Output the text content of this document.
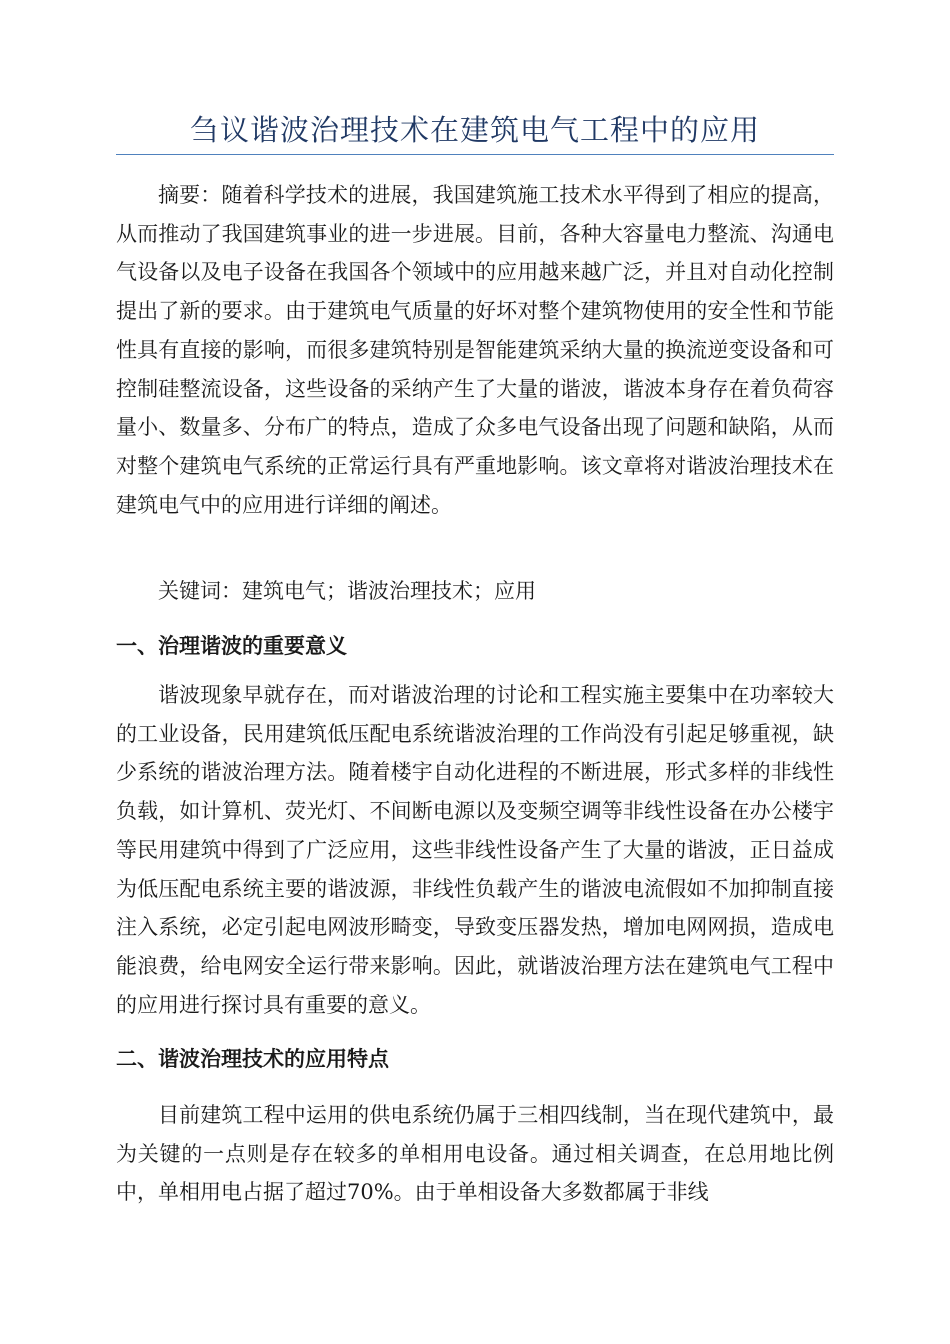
刍议谐波治理技术在建筑电气工程中的应用

摘要：随着科学技术的进展，我国建筑施工技术水平得到了相应的提高，从而推动了我国建筑事业的进一步进展。目前，各种大容量电力整流、沟通电气设备以及电子设备在我国各个领域中的应用越来越广泛，并且对自动化控制提出了新的要求。由于建筑电气质量的好坏对整个建筑物使用的安全性和节能性具有直接的影响，而很多建筑特别是智能建筑采纳大量的换流逆变设备和可控制硅整流设备，这些设备的采纳产生了大量的谐波，谐波本身存在着负荷容量小、数量多、分布广的特点，造成了众多电气设备出现了问题和缺陷，从而对整个建筑电气系统的正常运行具有严重地影响。该文章将对谐波治理技术在建筑电气中的应用进行详细的阐述。

关键词：建筑电气；谐波治理技术；应用

一、治理谐波的重要意义

谐波现象早就存在，而对谐波治理的讨论和工程实施主要集中在功率较大的工业设备，民用建筑低压配电系统谐波治理的工作尚没有引起足够重视，缺少系统的谐波治理方法。随着楼宇自动化进程的不断进展，形式多样的非线性负载，如计算机、荧光灯、不间断电源以及变频空调等非线性设备在办公楼宇等民用建筑中得到了广泛应用，这些非线性设备产生了大量的谐波，正日益成为低压配电系统主要的谐波源，非线性负载产生的谐波电流假如不加抑制直接注入系统，必定引起电网波形畸变，导致变压器发热，增加电网网损，造成电能浪费，给电网安全运行带来影响。因此，就谐波治理方法在建筑电气工程中的应用进行探讨具有重要的意义。

二、谐波治理技术的应用特点

目前建筑工程中运用的供电系统仍属于三相四线制，当在现代建筑中，最为关键的一点则是存在较多的单相用电设备。通过相关调查，在总用地比例中，单相用电占据了超过70%。由于单相设备大多数都属于非线
